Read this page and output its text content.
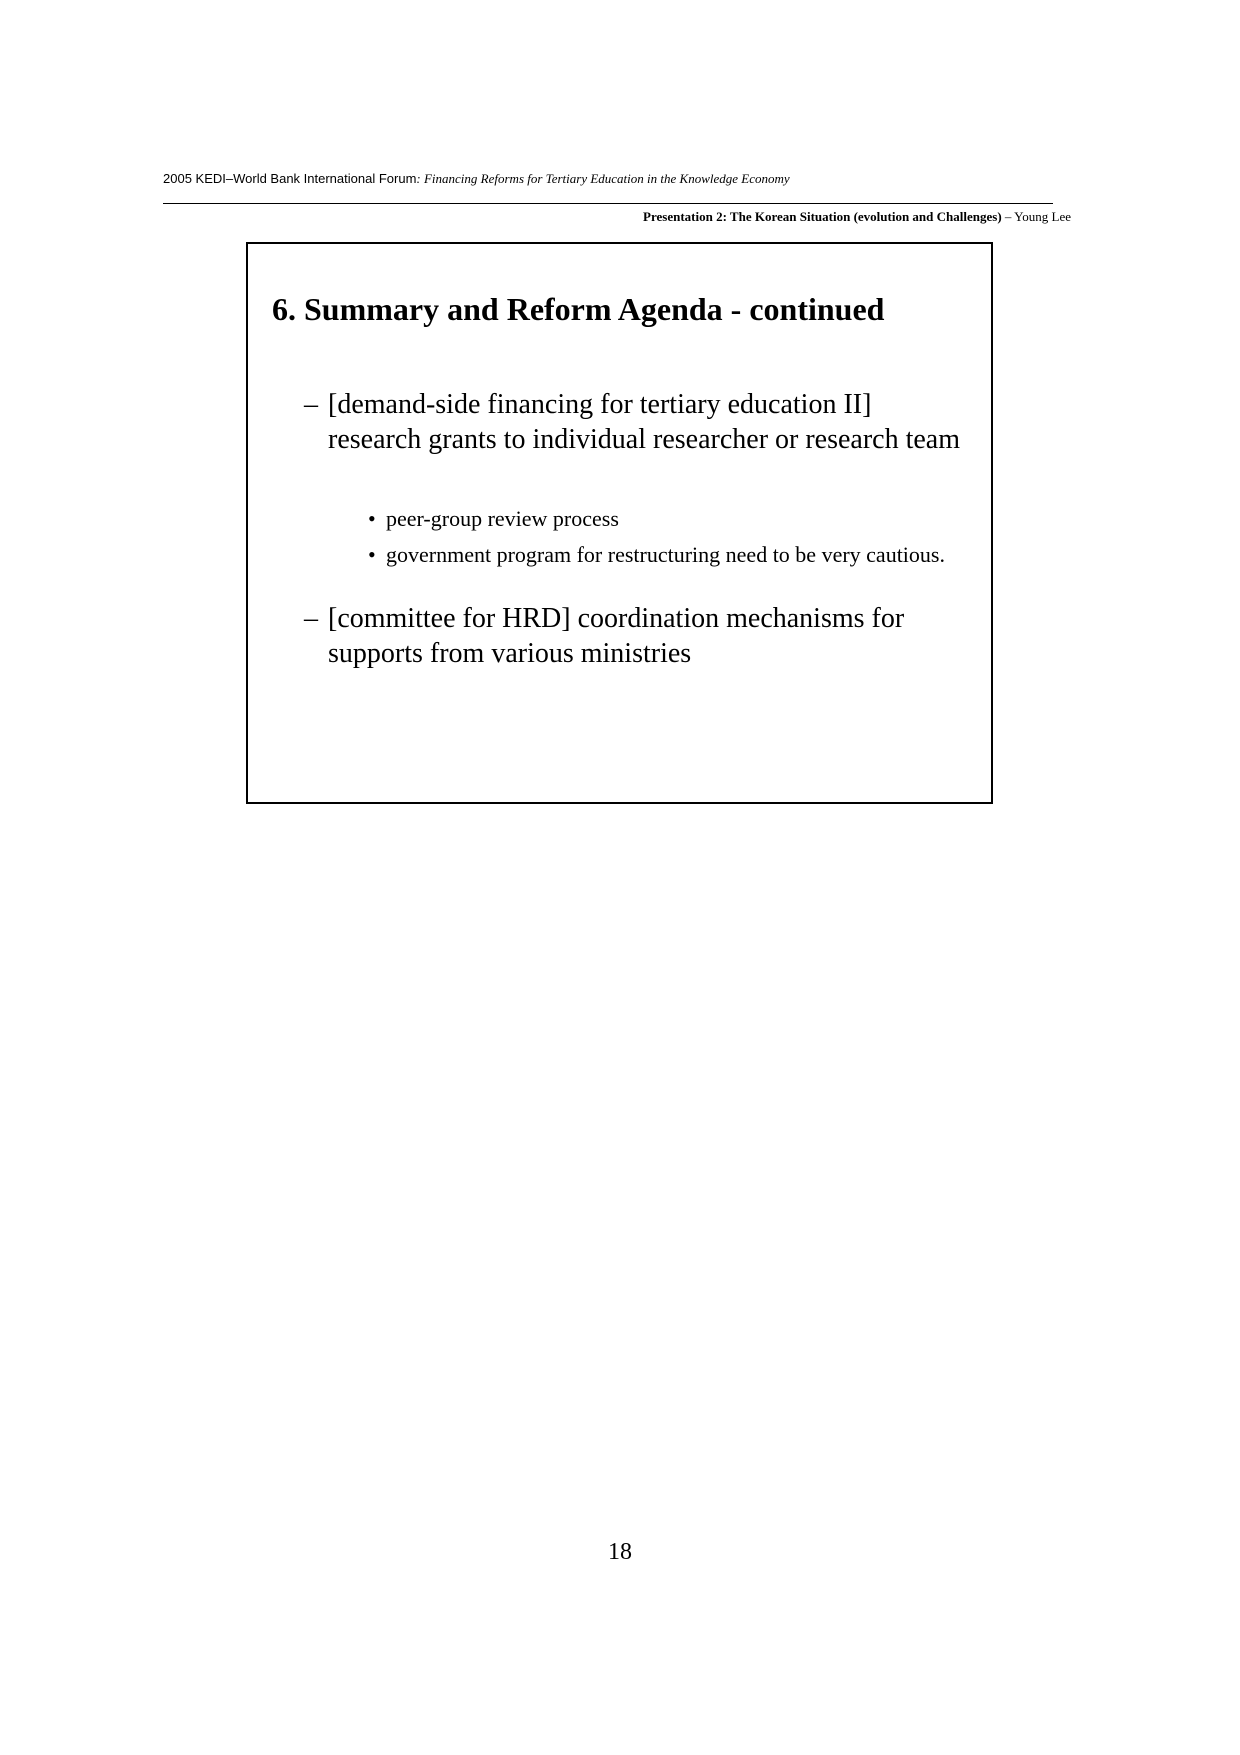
2005 KEDI–World Bank International Forum: Financing Reforms for Tertiary Education in the Knowledge Economy
Presentation 2: The Korean Situation (evolution and Challenges) – Young Lee
6. Summary and Reform Agenda - continued
– [demand-side financing for tertiary education II] research grants to individual researcher or research team
• peer-group review process
• government program for restructuring need to be very cautious.
– [committee for HRD] coordination mechanisms for supports from various ministries
18
